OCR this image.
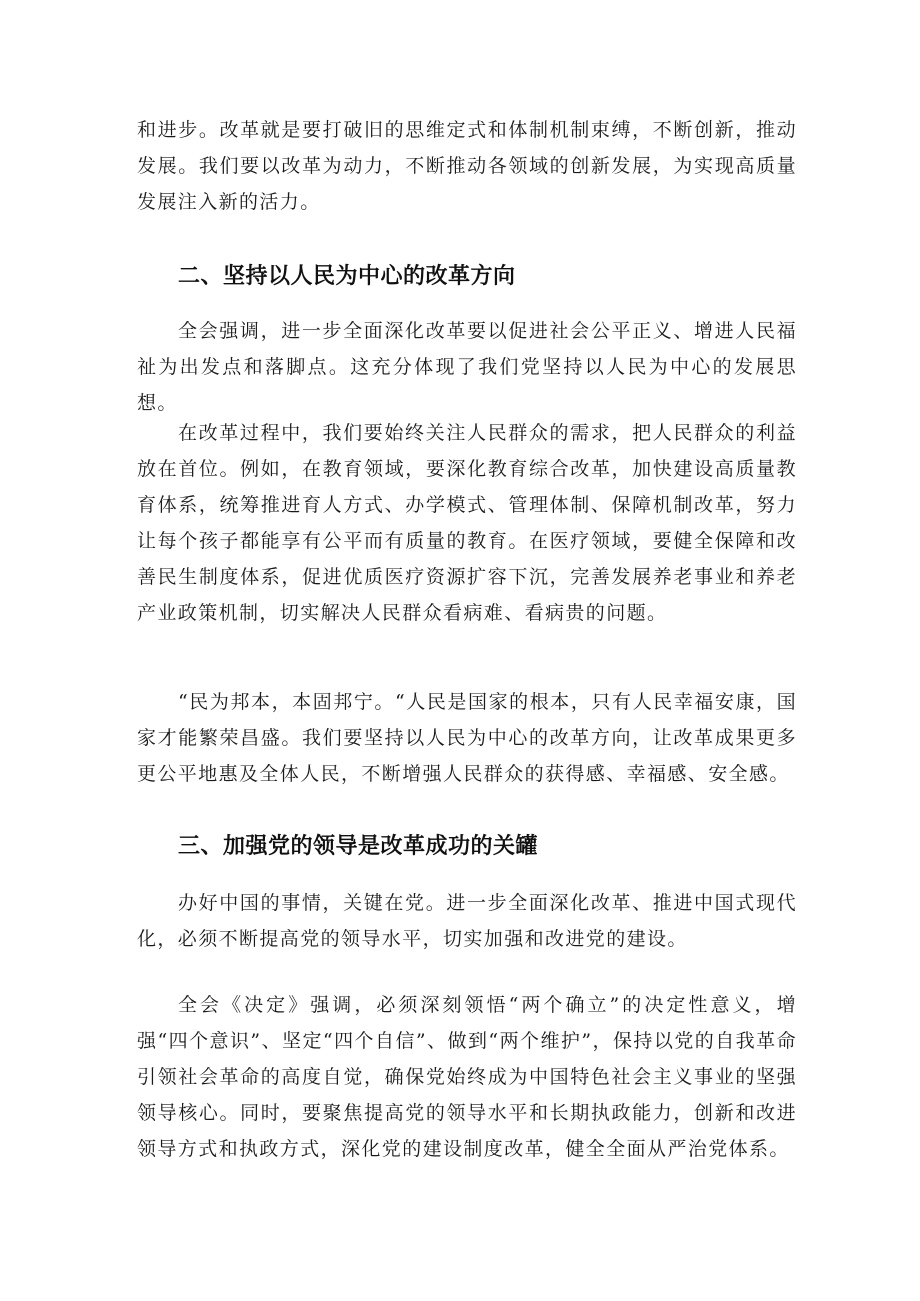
和进步。改革就是要打破旧的思维定式和体制机制束缚，不断创新，推动发展。我们要以改革为动力，不断推动各领域的创新发展，为实现高质量发展注入新的活力。

二、坚持以人民为中心的改革方向

全会强调，进一步全面深化改革要以促进社会公平正义、增进人民福祉为出发点和落脚点。这充分体现了我们党坚持以人民为中心的发展思想。

在改革过程中，我们要始终关注人民群众的需求，把人民群众的利益放在首位。例如，在教育领域，要深化教育综合改革，加快建设高质量教育体系，统筹推进育人方式、办学模式、管理体制、保障机制改革，努力让每个孩子都能享有公平而有质量的教育。在医疗领域，要健全保障和改善民生制度体系，促进优质医疗资源扩容下沉，完善发展养老事业和养老产业政策机制，切实解决人民群众看病难、看病贵的问题。

“民为邦本，本固邦宁。“人民是国家的根本，只有人民幸福安康，国家才能繁荣昌盛。我们要坚持以人民为中心的改革方向，让改革成果更多更公平地惠及全体人民，不断增强人民群众的获得感、幸福感、安全感。

三、加强党的领导是改革成功的关罐

办好中国的事情，关键在党。进一步全面深化改革、推进中国式现代化，必须不断提高党的领导水平，切实加强和改进党的建设。

全会《决定》强调，必须深刻领悟“两个确立”的决定性意义，增强“四个意识”、坚定“四个自信”、做到“两个维护”，保持以党的自我革命引领社会革命的高度自觉，确保党始终成为中国特色社会主义事业的坚强领导核心。同时，要聚焦提高党的领导水平和长期执政能力，创新和改进领导方式和执政方式，深化党的建设制度改革，健全全面从严治党体系。
